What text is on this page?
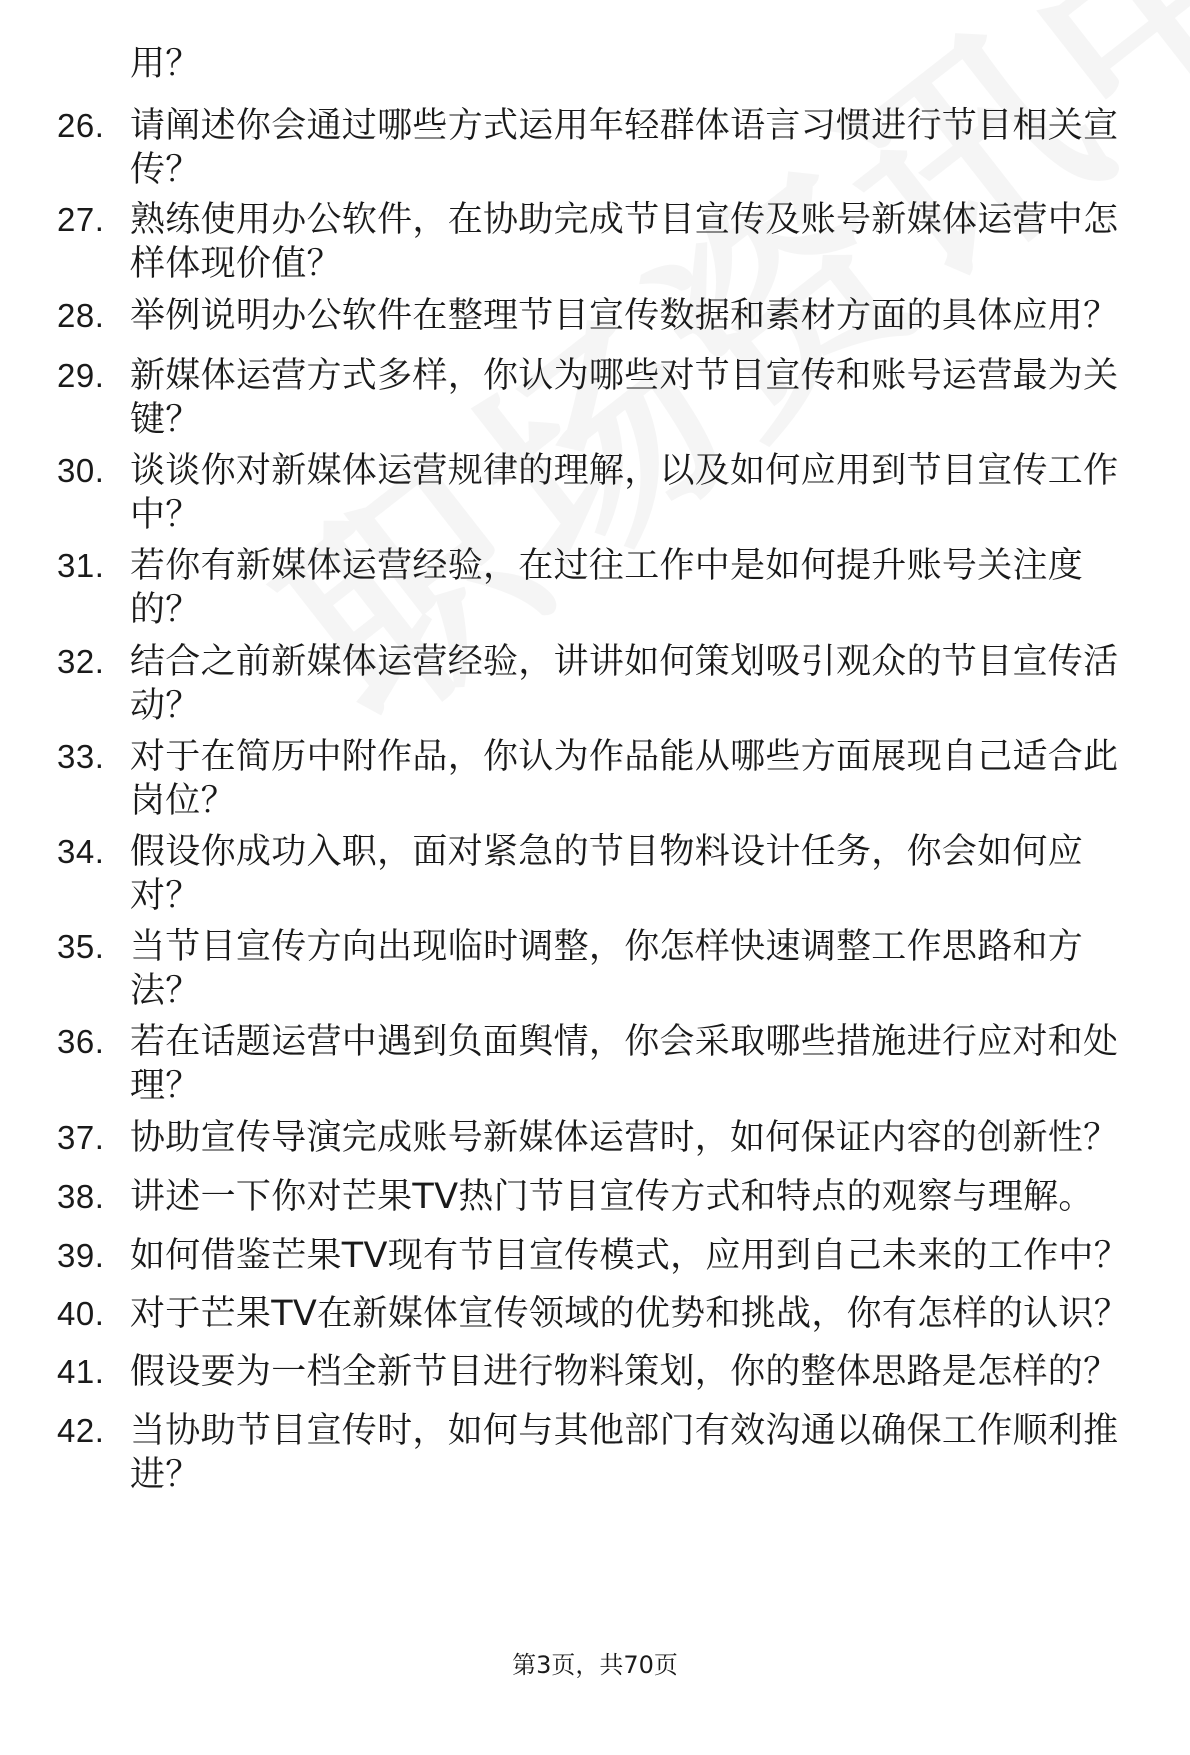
用？
26. 请阐述你会通过哪些方式运用年轻群体语言习惯进行节目相关宣传？
27. 熟练使用办公软件，在协助完成节目宣传及账号新媒体运营中怎样体现价值？
28. 举例说明办公软件在整理节目宣传数据和素材方面的具体应用？
29. 新媒体运营方式多样，你认为哪些对节目宣传和账号运营最为关键？
30. 谈谈你对新媒体运营规律的理解，以及如何应用到节目宣传工作中？
31. 若你有新媒体运营经验，在过往工作中是如何提升账号关注度的？
32. 结合之前新媒体运营经验，讲讲如何策划吸引观众的节目宣传活动？
33. 对于在简历中附作品，你认为作品能从哪些方面展现自己适合此岗位？
34. 假设你成功入职，面对紧急的节目物料设计任务，你会如何应对？
35. 当节目宣传方向出现临时调整，你怎样快速调整工作思路和方法？
36. 若在话题运营中遇到负面舆情，你会采取哪些措施进行应对和处理？
37. 协助宣传导演完成账号新媒体运营时，如何保证内容的创新性？
38. 讲述一下你对芒果TV热门节目宣传方式和特点的观察与理解。
39. 如何借鉴芒果TV现有节目宣传模式，应用到自己未来的工作中？
40. 对于芒果TV在新媒体宣传领域的优势和挑战，你有怎样的认识？
41. 假设要为一档全新节目进行物料策划，你的整体思路是怎样的？
42. 当协助节目宣传时，如何与其他部门有效沟通以确保工作顺利推进？
第3页，共70页
